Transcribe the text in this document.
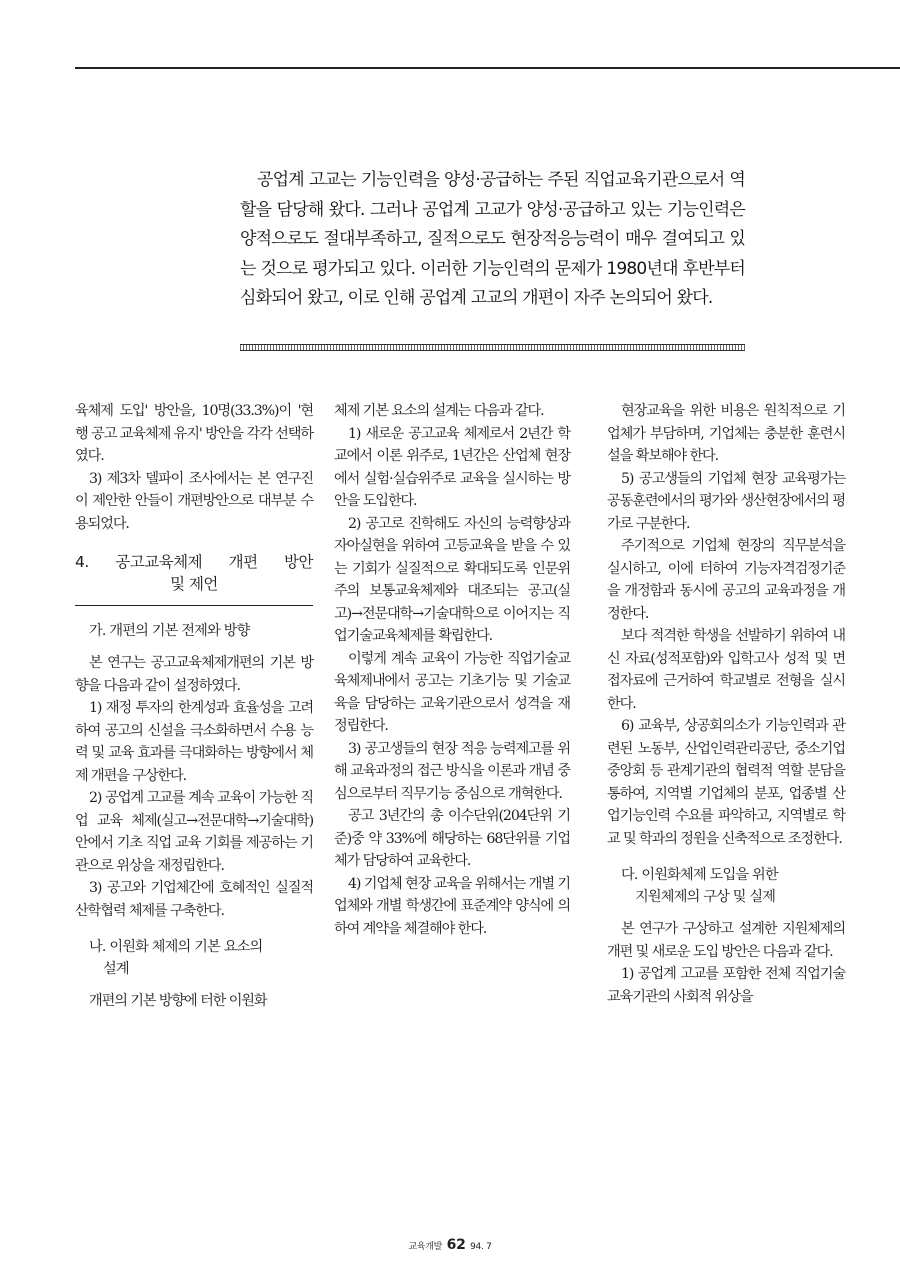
공업계 고교는 기능인력을 양성·공급하는 주된 직업교육기관으로서 역할을 담당해 왔다. 그러나 공업계 고교가 양성·공급하고 있는 기능인력은 양적으로도 절대부족하고, 질적으로도 현장적응능력이 매우 결여되고 있는 것으로 평가되고 있다. 이러한 기능인력의 문제가 1980년대 후반부터 심화되어 왔고, 이로 인해 공업계 고교의 개편이 자주 논의되어 왔다.

육체제 도입' 방안을, 10명(33.3%)이 '현행 공고 교육체제 유지' 방안을 각각 선택하였다.

3) 제3차 델파이 조사에서는 본 연구진이 제안한 안들이 개편방안으로 대부분 수용되었다.

4. 공고교육체제 개편 방안
및 제언
가. 개편의 기본 전제와 방향

본 연구는 공고교육체제개편의 기본 방향을 다음과 같이 설정하였다.

1) 재정 투자의 한계성과 효율성을 고려하여 공고의 신설을 극소화하면서 수용 능력 및 교육 효과를 극대화하는 방향에서 체제 개편을 구상한다.

2) 공업계 고교를 계속 교육이 가능한 직업 교육 체제(실고→전문대학→기술대학)안에서 기초 직업 교육 기회를 제공하는 기관으로 위상을 재정립한다.

3) 공고와 기업체간에 호혜적인 실질적 산학협력 체제를 구축한다.

나. 이원화 체제의 기본 요소의
설계

개편의 기본 방향에 터한 이원화

체제 기본 요소의 설계는 다음과 같다.

1) 새로운 공고교육 체제로서 2년간 학교에서 이론 위주로, 1년간은 산업체 현장에서 실험·실습위주로 교육을 실시하는 방안을 도입한다.

2) 공고로 진학해도 자신의 능력향상과 자아실현을 위하여 고등교육을 받을 수 있는 기회가 실질적으로 확대되도록 인문위주의 보통교육체제와 대조되는 공고(실고)→전문대학→기술대학으로 이어지는 직업기술교육체제를 확립한다.

이렇게 계속 교육이 가능한 직업기술교육체제내에서 공고는 기초기능 및 기술교육을 담당하는 교육기관으로서 성격을 재정립한다.

3) 공고생들의 현장 적응 능력제고를 위해 교육과정의 접근 방식을 이론과 개념 중심으로부터 직무기능 중심으로 개혁한다.

공고 3년간의 총 이수단위(204단위 기준)중 약 33%에 해당하는 68단위를 기업체가 담당하여 교육한다.

4) 기업체 현장 교육을 위해서는 개별 기업체와 개별 학생간에 표준계약 양식에 의하여 계약을 체결해야 한다.

현장교육을 위한 비용은 원칙적으로 기업체가 부담하며, 기업체는 충분한 훈련시설을 확보해야 한다.

5) 공고생들의 기업체 현장 교육평가는 공동훈련에서의 평가와 생산현장에서의 평가로 구분한다.

주기적으로 기업체 현장의 직무분석을 실시하고, 이에 터하여 기능자격검정기준을 개정함과 동시에 공고의 교육과정을 개정한다.

보다 적격한 학생을 선발하기 위하여 내신 자료(성적포함)와 입학고사 성적 및 면접자료에 근거하여 학교별로 전형을 실시한다.

6) 교육부, 상공회의소가 기능인력과 관련된 노동부, 산업인력관리공단, 중소기업중앙회 등 관계기관의 협력적 역할 분담을 통하여, 지역별 기업체의 분포, 업종별 산업기능인력 수요를 파악하고, 지역별로 학교 및 학과의 정원을 신축적으로 조정한다.

다. 이원화체제 도입을 위한
지원체제의 구상 및 실제

본 연구가 구상하고 설계한 지원체제의 개편 및 새로운 도입 방안은 다음과 같다.

1) 공업계 고교를 포함한 전체 직업기술교육기관의 사회적 위상을

교육개발 62 94. 7
